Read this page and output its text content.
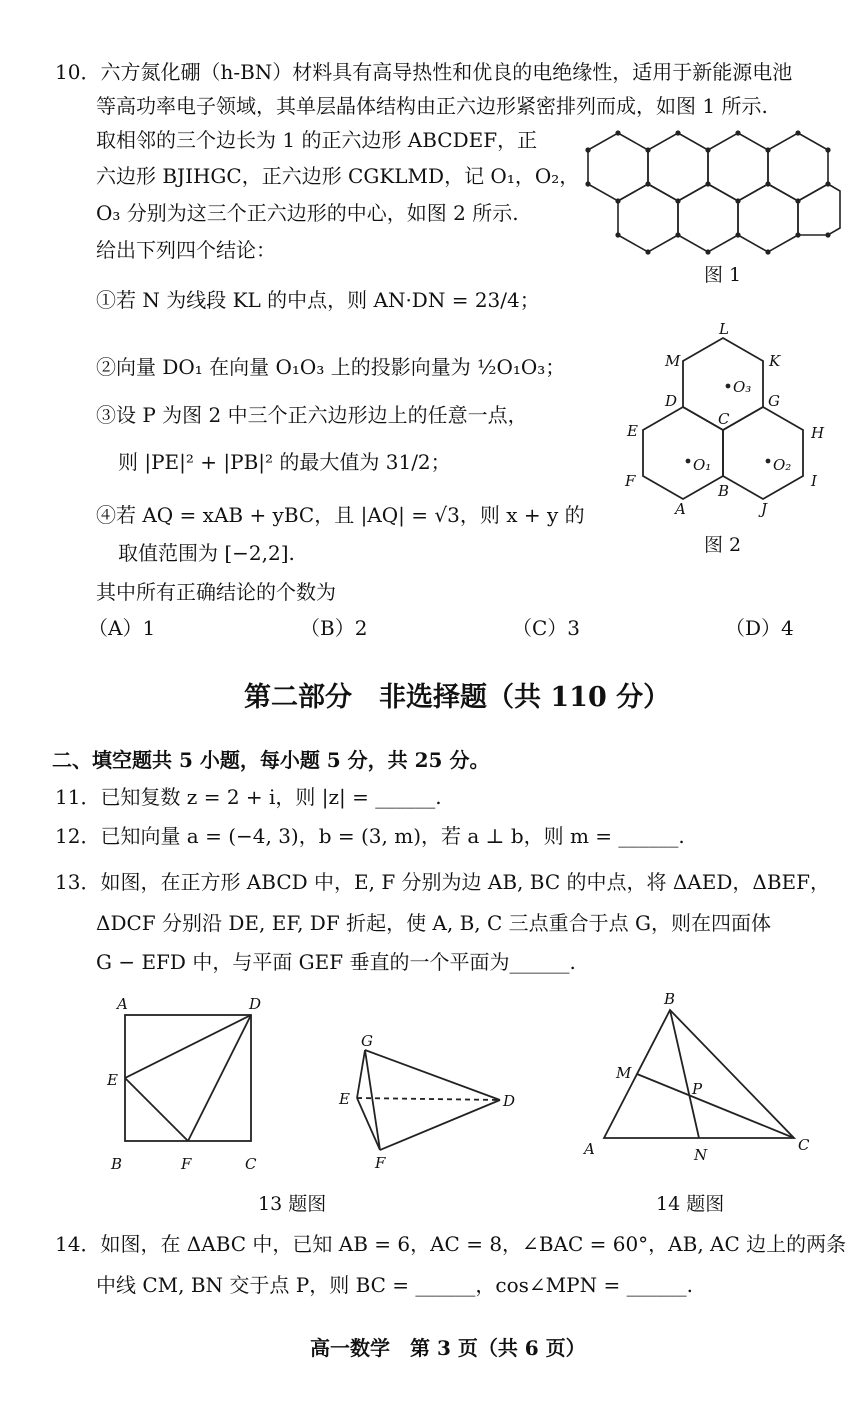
10．六方氮化硼（h-BN）材料具有高导热性和优良的电绝缘性，适用于新能源电池
等高功率电子领域，其单层晶体结构由正六边形紧密排列而成，如图 1 所示.
取相邻的三个边长为 1 的正六边形 ABCDEF，正
六边形 BJIHGC，正六边形 CGKLMD，记 O₁，O₂，
O₃ 分别为这三个正六边形的中心，如图 2 所示.
给出下列四个结论：
①若 N 为线段 KL 的中点，则 AN·DN = 23/4；
②向量 DO₁ 在向量 O₁O₃ 上的投影向量为 ½O₁O₃；
③设 P 为图 2 中三个正六边形边上的任意一点，
则 |PE|² + |PB|² 的最大值为 31/2；
④若 AQ = xAB + yBC，且 |AQ| = √3，则 x + y 的
取值范围为 [−2,2].
其中所有正确结论的个数为
（A）1	（B）2	（C）3	（D）4
图 1
L
M	K
O₃
D
C
G
E	H
O₁	O₂
F	I
B
A	J
图 2
第二部分　非选择题（共 110 分）
二、填空题共 5 小题，每小题 5 分，共 25 分。
11．已知复数 z = 2 + i，则 |z| = ______.
12．已知向量 a = (−4, 3)，b = (3, m)，若 a ⊥ b，则 m = ______.
13．如图，在正方形 ABCD 中，E, F 分别为边 AB, BC 的中点，将 ΔAED，ΔBEF，
ΔDCF 分别沿 DE, EF, DF 折起，使 A, B, C 三点重合于点 G，则在四面体
G − EFD 中，与平面 GEF 垂直的一个平面为______.
A	D
E
B	F	C
G
E	D
F
B
M
P
A	N
C
13 题图	14 题图
14．如图，在 ΔABC 中，已知 AB = 6，AC = 8，∠BAC = 60°，AB, AC 边上的两条
中线 CM, BN 交于点 P，则 BC = ______，cos∠MPN = ______.
高一数学　第 3 页（共 6 页）
